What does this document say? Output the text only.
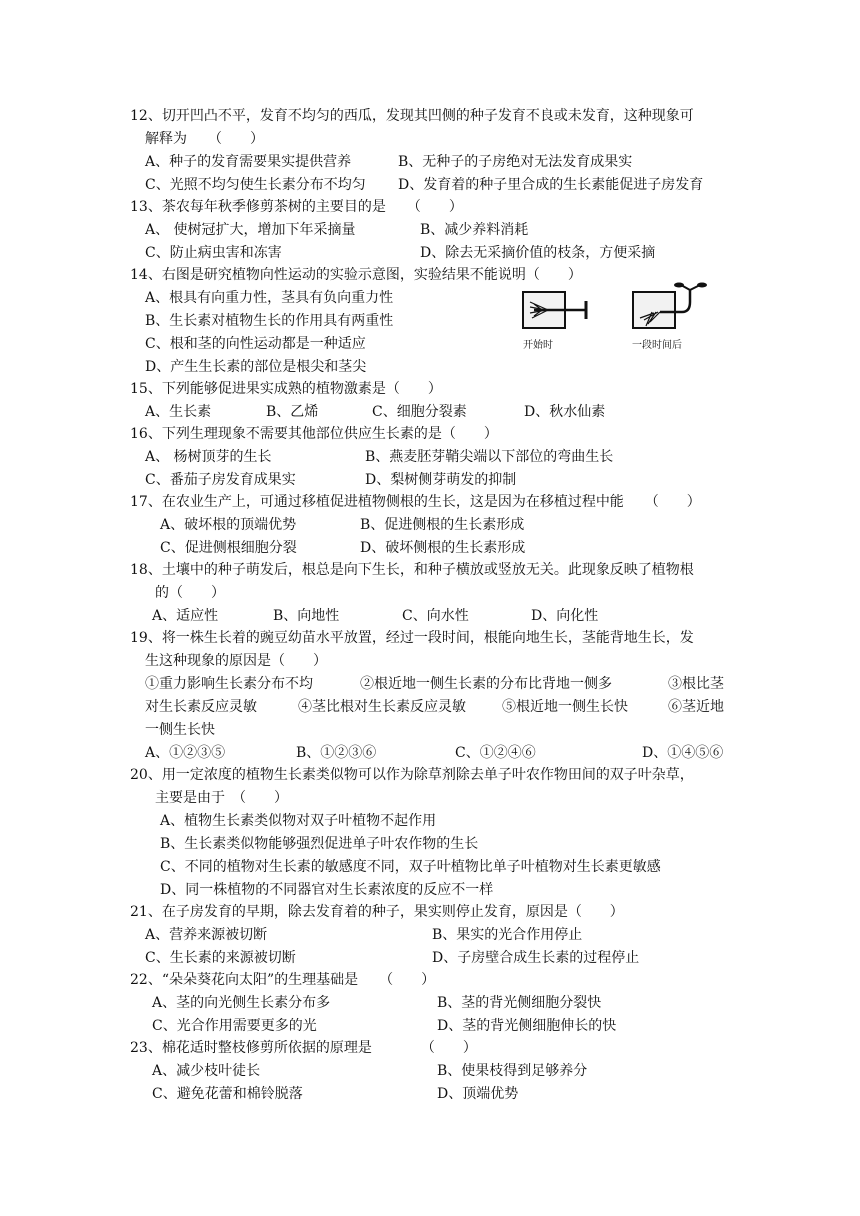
12、切开凹凸不平，发育不均匀的西瓜，发现其凹侧的种子发育不良或未发育，这种现象可
解释为　　（　　）
A、种子的发育需要果实提供营养	B、无种子的子房绝对无法发育成果实
C、光照不均匀使生长素分布不均匀 D、发育着的种子里合成的生长素能促进子房发育
13、茶农每年秋季修剪茶树的主要目的是　　（　　）
A、 使树冠扩大，增加下年采摘量	B、减少养料消耗
C、防止病虫害和冻害	D、除去无采摘价值的枝条，方便采摘
14、右图是研究植物向性运动的实验示意图，实验结果不能说明（　　）
A、根具有向重力性，茎具有负向重力性
B、生长素对植物生长的作用具有两重性
C、根和茎的向性运动都是一种适应
D、产生生长素的部位是根尖和茎尖
开始时	一段时间后
15、下列能够促进果实成熟的植物激素是（　　）
A、生长素	B、乙烯	C、细胞分裂素	D、秋水仙素
16、下列生理现象不需要其他部位供应生长素的是（　　）
A、 杨树顶芽的生长	B、燕麦胚芽鞘尖端以下部位的弯曲生长
C、番茄子房发育成果实	D、梨树侧芽萌发的抑制
17、在农业生产上，可通过移植促进植物侧根的生长，这是因为在移植过程中能　　（　　）
A、破坏根的顶端优势	B、促进侧根的生长素形成
C、促进侧根细胞分裂	D、破坏侧根的生长素形成
18、土壤中的种子萌发后，根总是向下生长，和种子横放或竖放无关。此现象反映了植物根
的（　　）
A、适应性	B、向地性	C、向水性	D、向化性
19、将一株生长着的豌豆幼苗水平放置，经过一段时间，根能向地生长，茎能背地生长，发
生这种现象的原因是（　　）
①重力影响生长素分布不均	②根近地一侧生长素的分布比背地一侧多	③根比茎
对生长素反应灵敏	④茎比根对生长素反应灵敏	⑤根近地一侧生长快	⑥茎近地
一侧生长快
A、①②③⑤	B、①②③⑥	C、①②④⑥	D、①④⑤⑥
20、用一定浓度的植物生长素类似物可以作为除草剂除去单子叶农作物田间的双子叶杂草，
主要是由于　（　　）
A、植物生长素类似物对双子叶植物不起作用
B、生长素类似物能够强烈促进单子叶农作物的生长
C、不同的植物对生长素的敏感度不同，双子叶植物比单子叶植物对生长素更敏感
D、同一株植物的不同器官对生长素浓度的反应不一样
21、在子房发育的早期，除去发育着的种子，果实则停止发育，原因是（　　）
A、营养来源被切断	B、果实的光合作用停止
C、生长素的来源被切断	D、子房壁合成生长素的过程停止
22、“朵朵葵花向太阳”的生理基础是　　（　　）
A、茎的向光侧生长素分布多	B、茎的背光侧细胞分裂快
C、光合作用需要更多的光	D、茎的背光侧细胞伸长的快
23、棉花适时整枝修剪所依据的原理是　　　　（　　）
A、减少枝叶徒长	B、使果枝得到足够养分
C、避免花蕾和棉铃脱落	D、顶端优势
